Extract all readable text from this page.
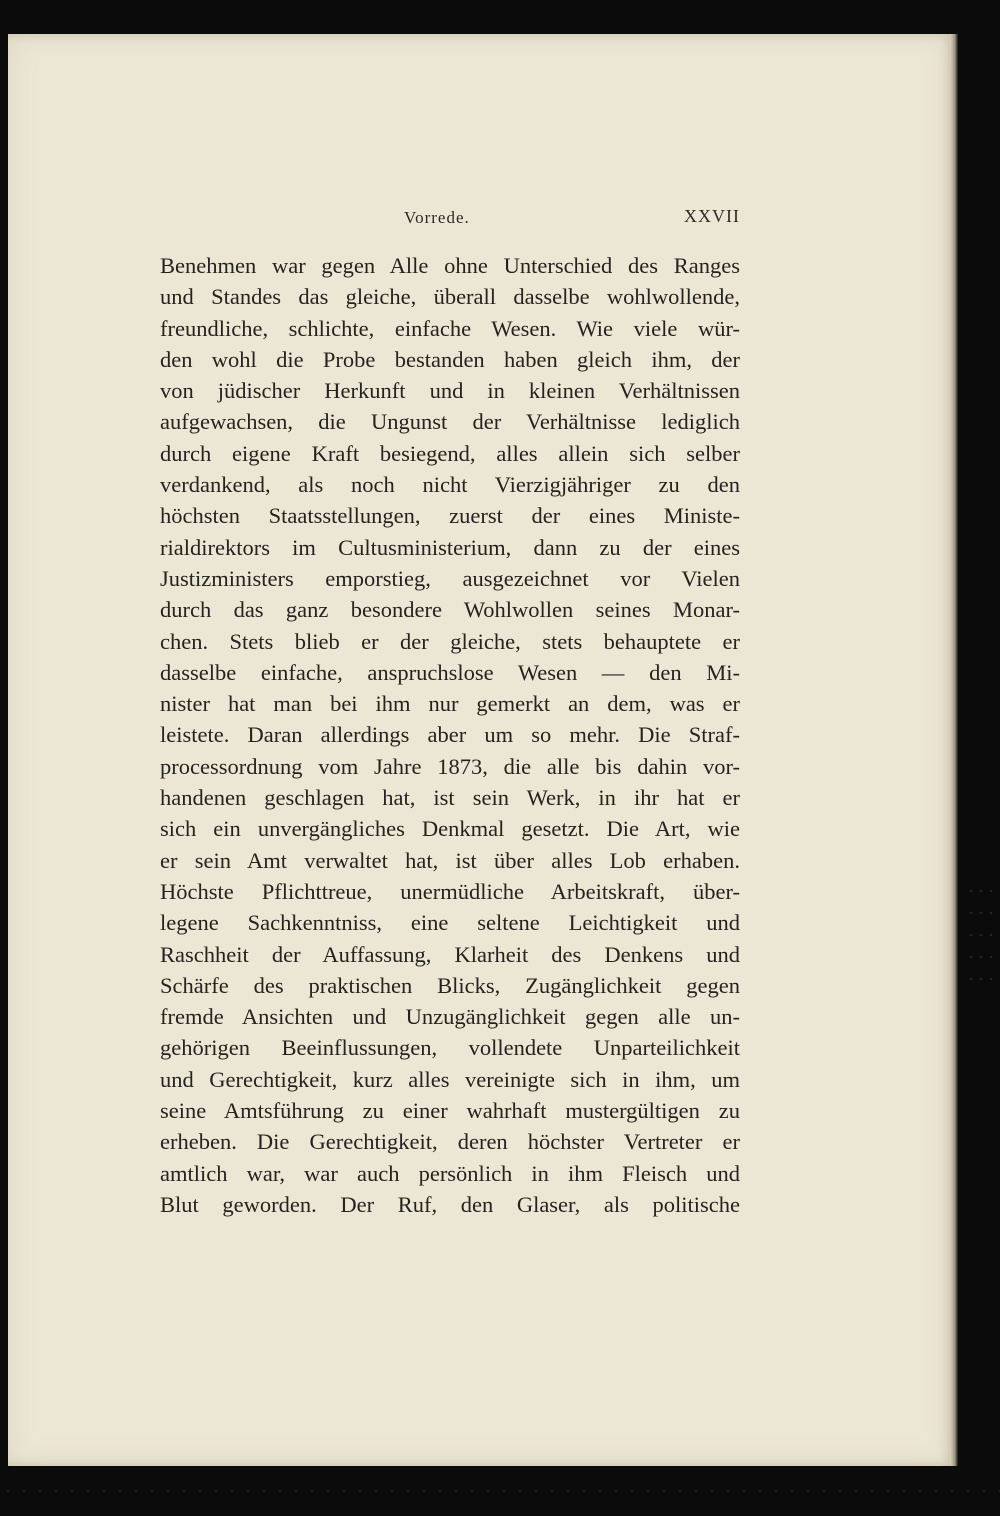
Vorrede.	XXVII
Benehmen war gegen Alle ohne Unterschied des Ranges
und Standes das gleiche, überall dasselbe wohlwollende,
freundliche, schlichte, einfache Wesen. Wie viele wür-
den wohl die Probe bestanden haben gleich ihm, der
von jüdischer Herkunft und in kleinen Verhältnissen
aufgewachsen, die Ungunst der Verhältnisse lediglich
durch eigene Kraft besiegend, alles allein sich selber
verdankend, als noch nicht Vierzigjähriger zu den
höchsten Staatsstellungen, zuerst der eines Ministe-
rialdirektors im Cultusministerium, dann zu der eines
Justizministers emporstieg, ausgezeichnet vor Vielen
durch das ganz besondere Wohlwollen seines Monar-
chen. Stets blieb er der gleiche, stets behauptete er
dasselbe einfache, anspruchslose Wesen — den Mi-
nister hat man bei ihm nur gemerkt an dem, was er
leistete. Daran allerdings aber um so mehr. Die Straf-
processordnung vom Jahre 1873, die alle bis dahin vor-
handenen geschlagen hat, ist sein Werk, in ihr hat er
sich ein unvergängliches Denkmal gesetzt. Die Art, wie
er sein Amt verwaltet hat, ist über alles Lob erhaben.
Höchste Pflichttreue, unermüdliche Arbeitskraft, über-
legene Sachkenntniss, eine seltene Leichtigkeit und
Raschheit der Auffassung, Klarheit des Denkens und
Schärfe des praktischen Blicks, Zugänglichkeit gegen
fremde Ansichten und Unzugänglichkeit gegen alle un-
gehörigen Beeinflussungen, vollendete Unparteilichkeit
und Gerechtigkeit, kurz alles vereinigte sich in ihm, um
seine Amtsführung zu einer wahrhaft mustergültigen zu
erheben. Die Gerechtigkeit, deren höchster Vertreter er
amtlich war, war auch persönlich in ihm Fleisch und
Blut geworden. Der Ruf, den Glaser, als politische
